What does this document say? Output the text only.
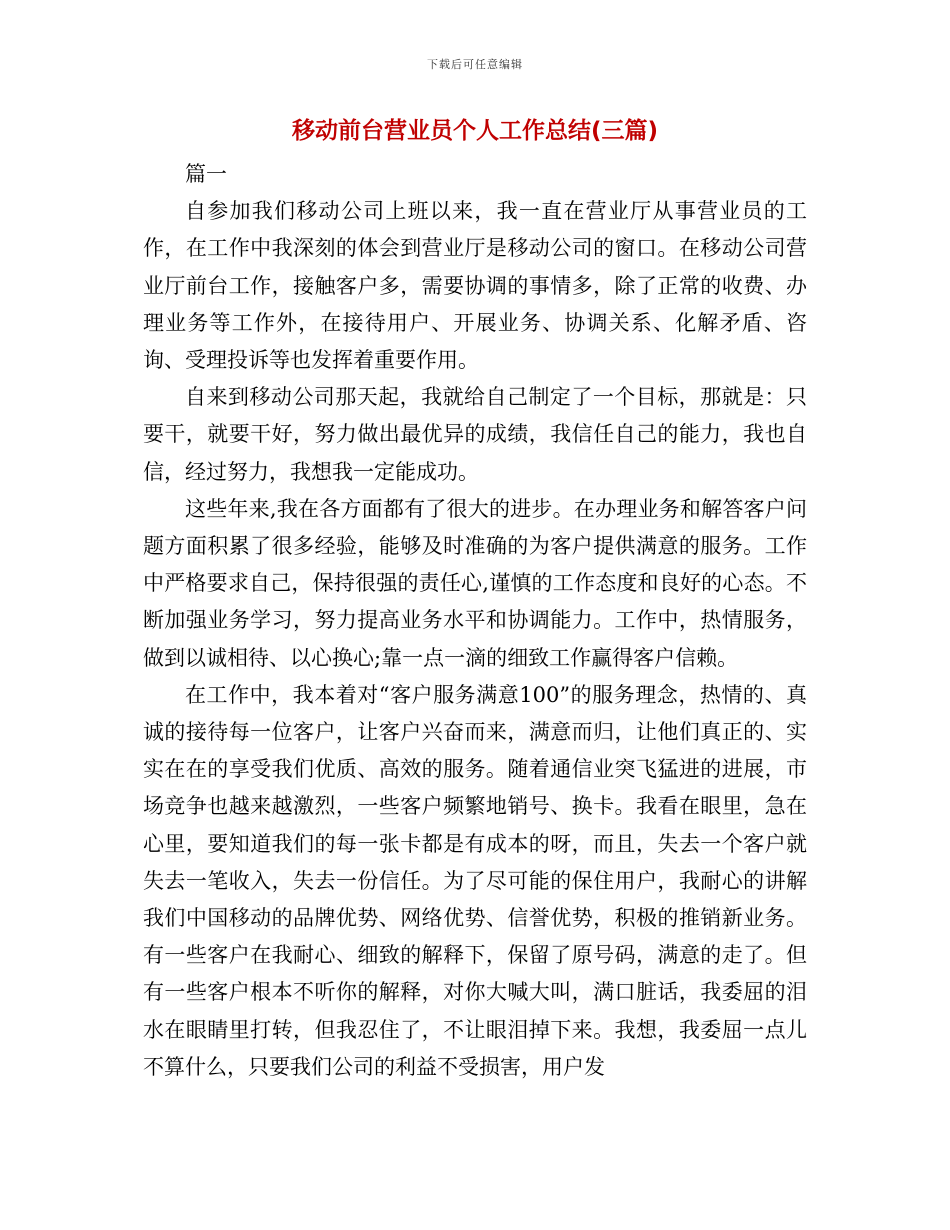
下载后可任意编辑
移动前台营业员个人工作总结(三篇)

篇一

自参加我们移动公司上班以来，我一直在营业厅从事营业员的工作，在工作中我深刻的体会到营业厅是移动公司的窗口。在移动公司营业厅前台工作，接触客户多，需要协调的事情多，除了正常的收费、办理业务等工作外，在接待用户、开展业务、协调关系、化解矛盾、咨询、受理投诉等也发挥着重要作用。

自来到移动公司那天起，我就给自己制定了一个目标，那就是：只要干，就要干好，努力做出最优异的成绩，我信任自己的能力，我也自信，经过努力，我想我一定能成功。

这些年来,我在各方面都有了很大的进步。在办理业务和解答客户问题方面积累了很多经验，能够及时准确的为客户提供满意的服务。工作中严格要求自己，保持很强的责任心,谨慎的工作态度和良好的心态。不断加强业务学习，努力提高业务水平和协调能力。工作中，热情服务，做到以诚相待、以心换心;靠一点一滴的细致工作赢得客户信赖。

在工作中，我本着对“客户服务满意100”的服务理念，热情的、真诚的接待每一位客户，让客户兴奋而来，满意而归，让他们真正的、实实在在的享受我们优质、高效的服务。随着通信业突飞猛进的进展，市场竞争也越来越激烈，一些客户频繁地销号、换卡。我看在眼里，急在心里，要知道我们的每一张卡都是有成本的呀，而且，失去一个客户就失去一笔收入，失去一份信任。为了尽可能的保住用户，我耐心的讲解我们中国移动的品牌优势、网络优势、信誉优势，积极的推销新业务。有一些客户在我耐心、细致的解释下，保留了原号码，满意的走了。但有一些客户根本不听你的解释，对你大喊大叫，满口脏话，我委屈的泪水在眼睛里打转，但我忍住了，不让眼泪掉下来。我想，我委屈一点儿不算什么，只要我们公司的利益不受损害，用户发
